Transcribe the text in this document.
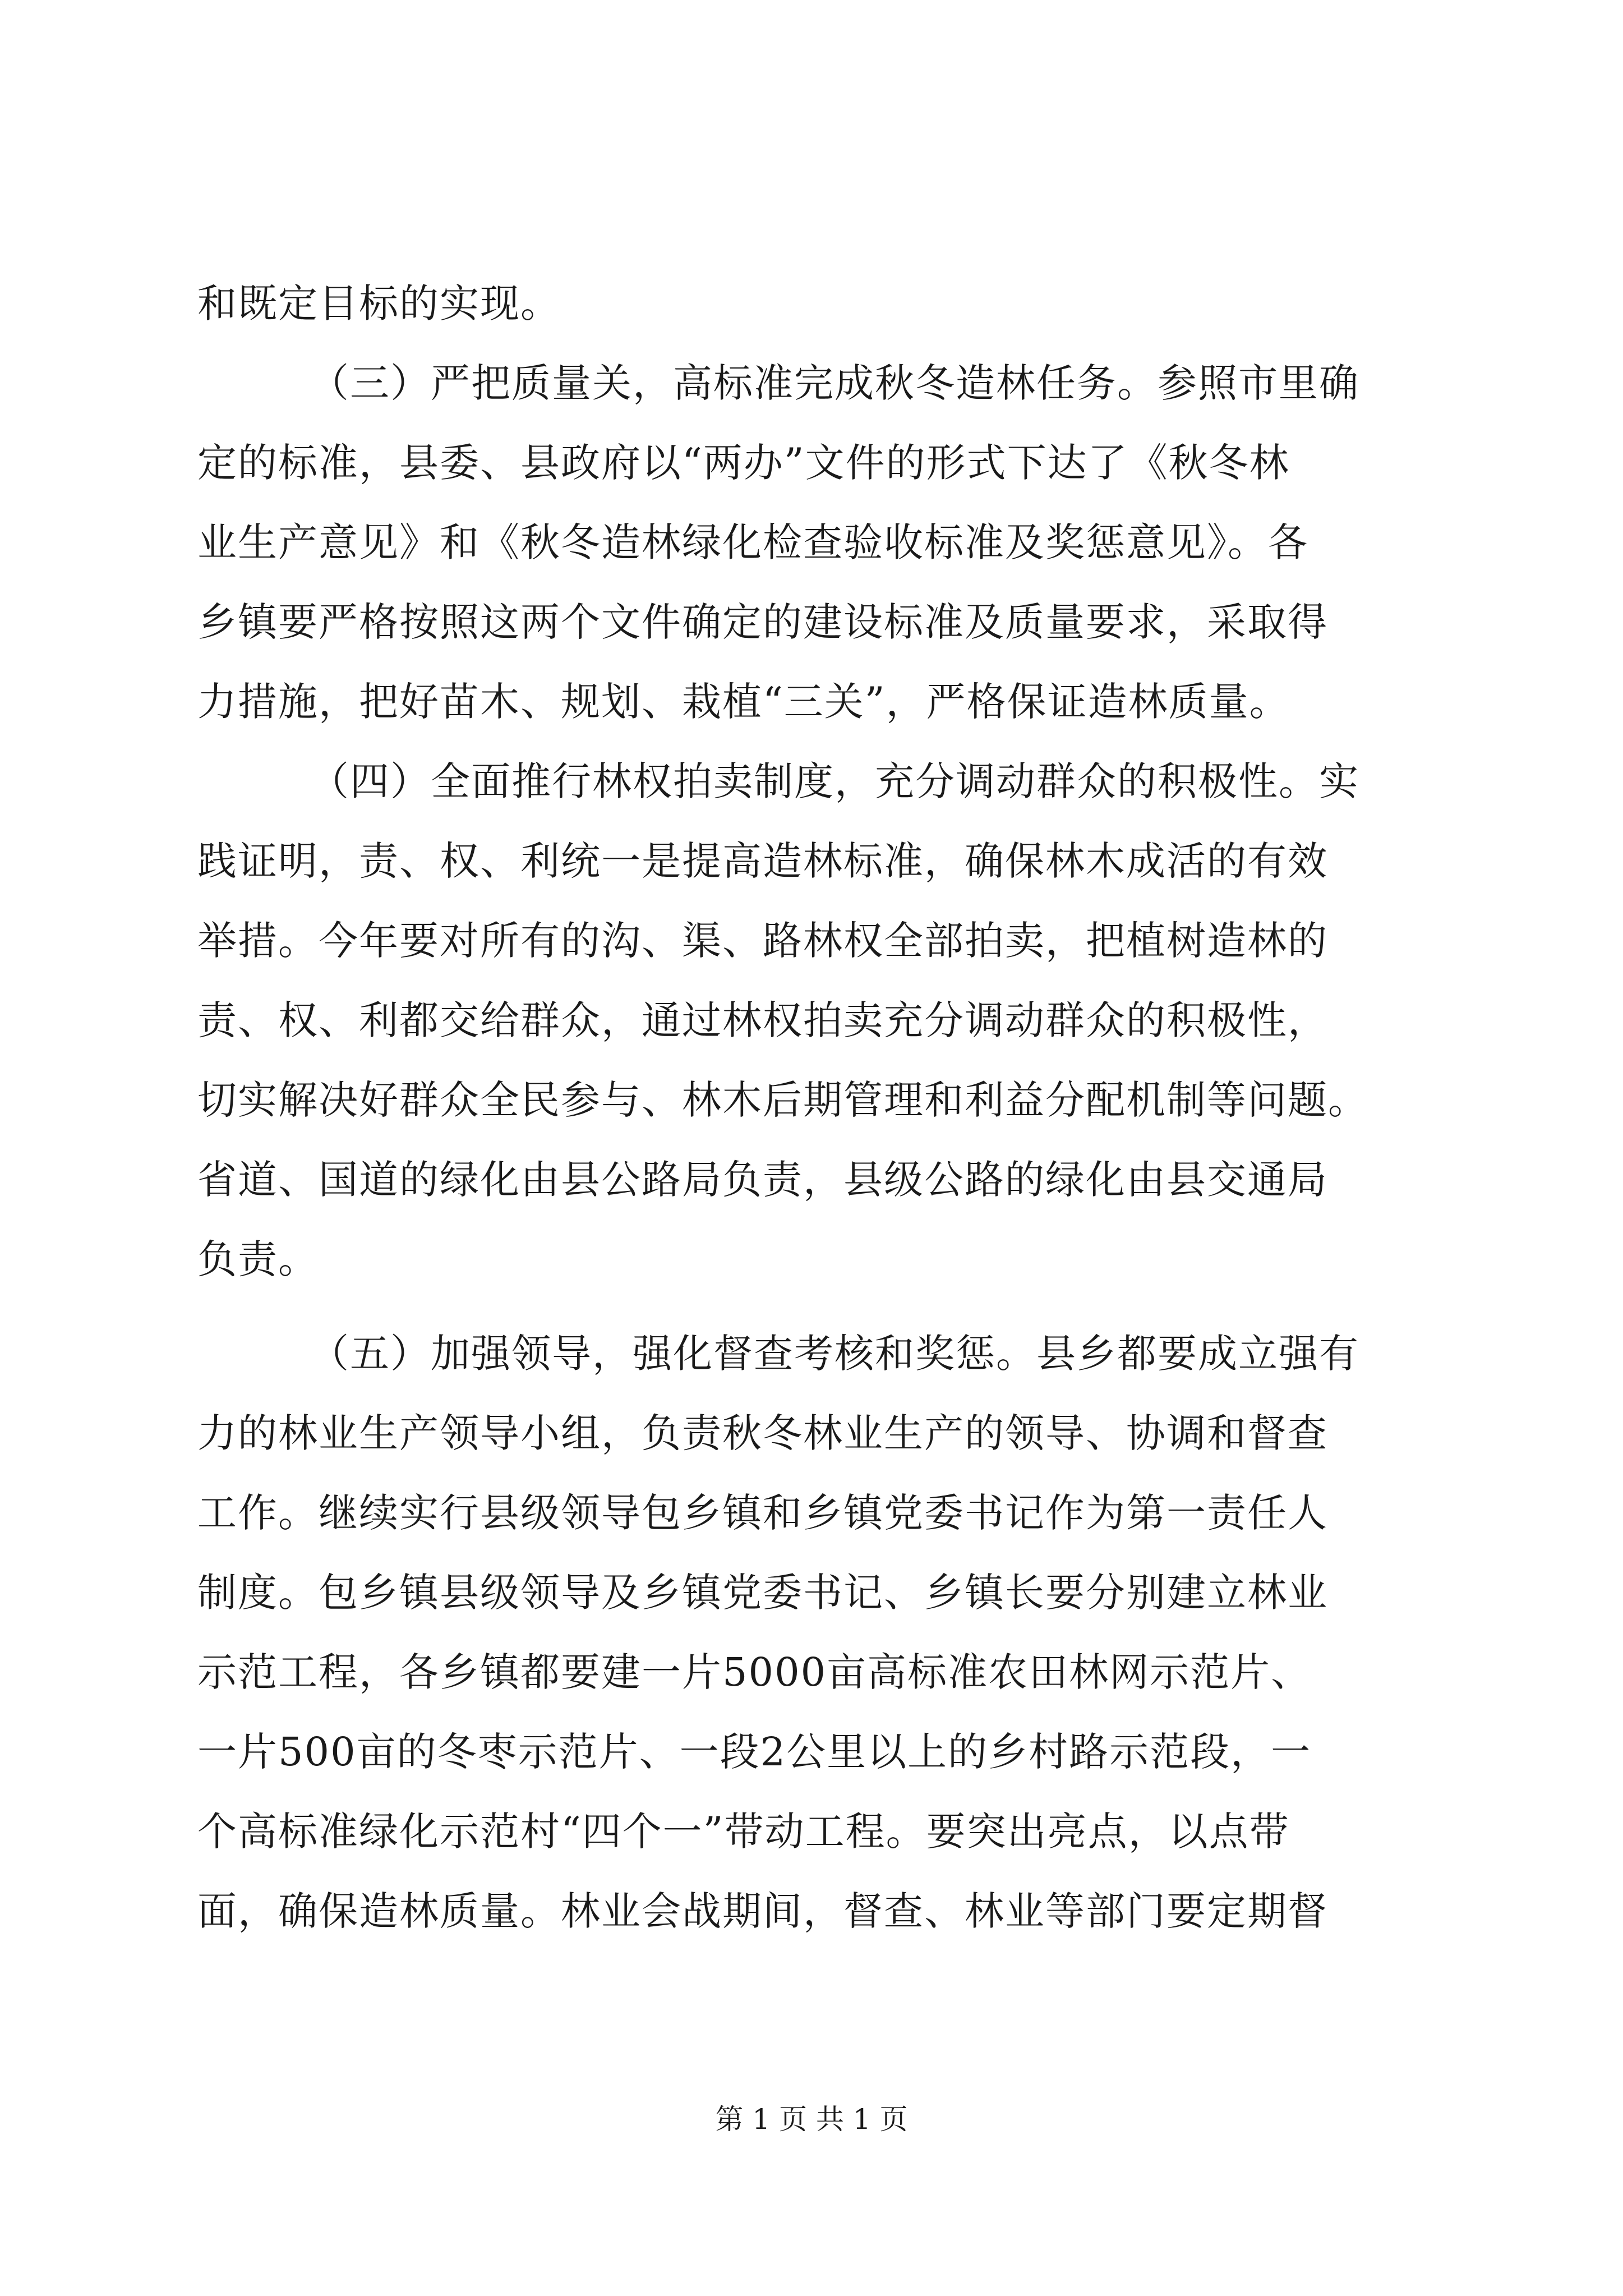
和既定目标的实现。
（三）严把质量关，高标准完成秋冬造林任务。参照市里确
定的标准，县委、县政府以“两办”文件的形式下达了《秋冬林
业生产意见》和《秋冬造林绿化检查验收标准及奖惩意见》。各
乡镇要严格按照这两个文件确定的建设标准及质量要求，采取得
力措施，把好苗木、规划、栽植“三关”，严格保证造林质量。
（四）全面推行林权拍卖制度，充分调动群众的积极性。实
践证明，责、权、利统一是提高造林标准，确保林木成活的有效
举措。今年要对所有的沟、渠、路林权全部拍卖，把植树造林的
责、权、利都交给群众，通过林权拍卖充分调动群众的积极性，
切实解决好群众全民参与、林木后期管理和利益分配机制等问题。
省道、国道的绿化由县公路局负责，县级公路的绿化由县交通局
负责。
（五）加强领导，强化督查考核和奖惩。县乡都要成立强有
力的林业生产领导小组，负责秋冬林业生产的领导、协调和督查
工作。继续实行县级领导包乡镇和乡镇党委书记作为第一责任人
制度。包乡镇县级领导及乡镇党委书记、乡镇长要分别建立林业
示范工程，各乡镇都要建一片5000亩高标准农田林网示范片、
一片500亩的冬枣示范片、一段2公里以上的乡村路示范段，一
个高标准绿化示范村“四个一”带动工程。要突出亮点，以点带
面，确保造林质量。林业会战期间，督查、林业等部门要定期督
第 1 页 共 1 页
